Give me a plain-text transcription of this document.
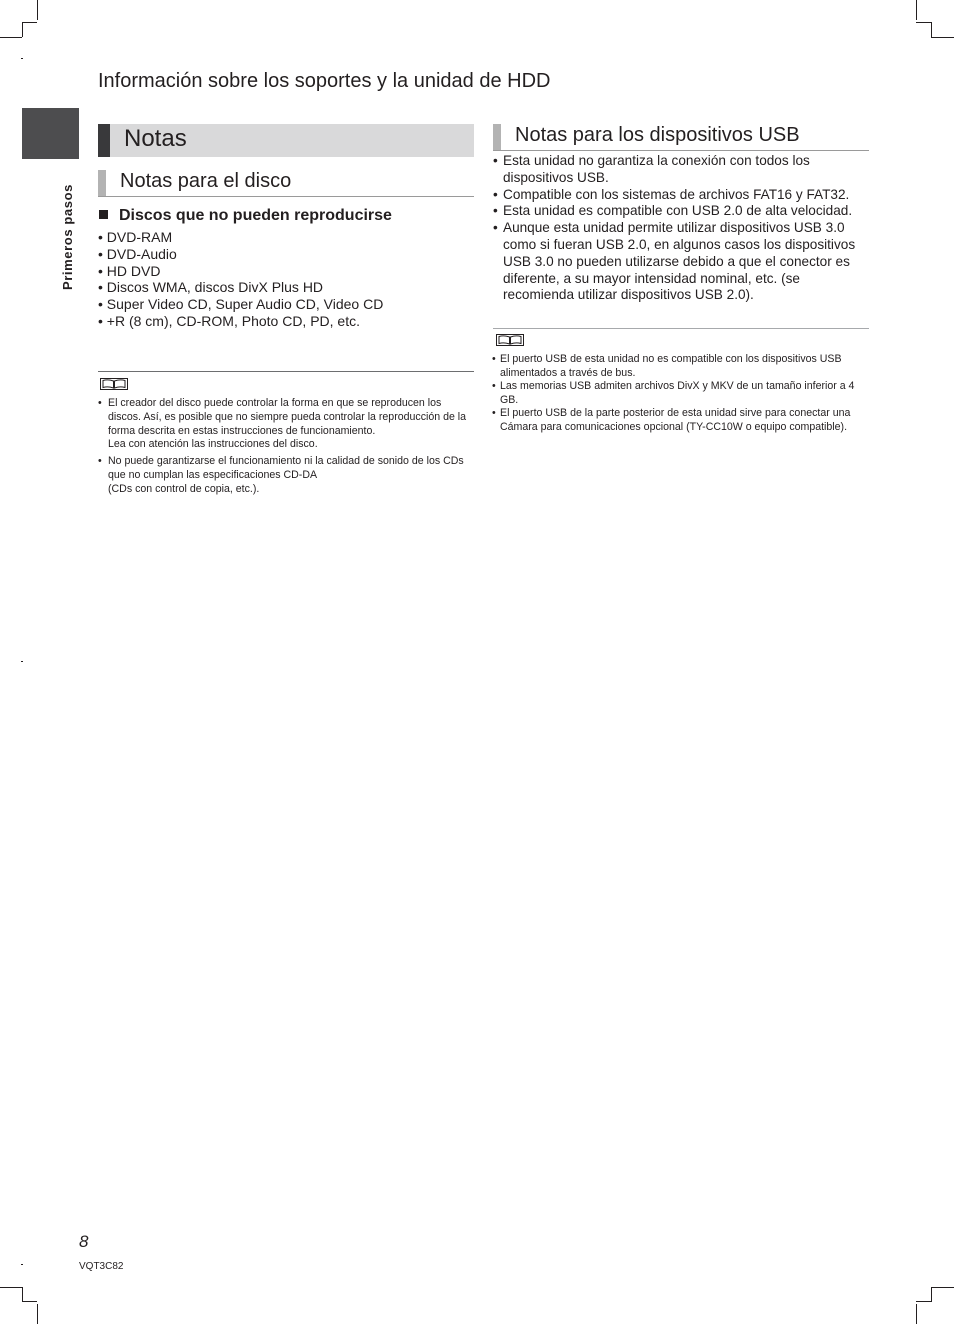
Información sobre los soportes y la unidad de HDD
Primeros pasos
Notas
Notas para el disco
Discos que no pueden reproducirse
• DVD-RAM
• DVD-Audio
• HD DVD
• Discos WMA, discos DivX Plus HD
• Super Video CD, Super Audio CD, Video CD
• +R (8 cm), CD-ROM, Photo CD, PD, etc.
• El creador del disco puede controlar la forma en que se reproducen los discos. Así, es posible que no siempre pueda controlar la reproducción de la forma descrita en estas instrucciones de funcionamiento.
Lea con atención las instrucciones del disco.
• No puede garantizarse el funcionamiento ni la calidad de sonido de los CDs que no cumplan las especificaciones CD-DA
(CDs con control de copia, etc.).
Notas para los dispositivos USB
• Esta unidad no garantiza la conexión con todos los dispositivos USB.
• Compatible con los sistemas de archivos FAT16 y FAT32.
• Esta unidad es compatible con USB 2.0 de alta velocidad.
• Aunque esta unidad permite utilizar dispositivos USB 3.0 como si fueran USB 2.0, en algunos casos los dispositivos USB 3.0 no pueden utilizarse debido a que el conector es diferente, a su mayor intensidad nominal, etc. (se recomienda utilizar dispositivos USB 2.0).
• El puerto USB de esta unidad no es compatible con los dispositivos USB alimentados a través de bus.
• Las memorias USB admiten archivos DivX y MKV de un tamaño inferior a 4 GB.
• El puerto USB de la parte posterior de esta unidad sirve para conectar una Cámara para comunicaciones opcional (TY-CC10W o equipo compatible).
8
VQT3C82
